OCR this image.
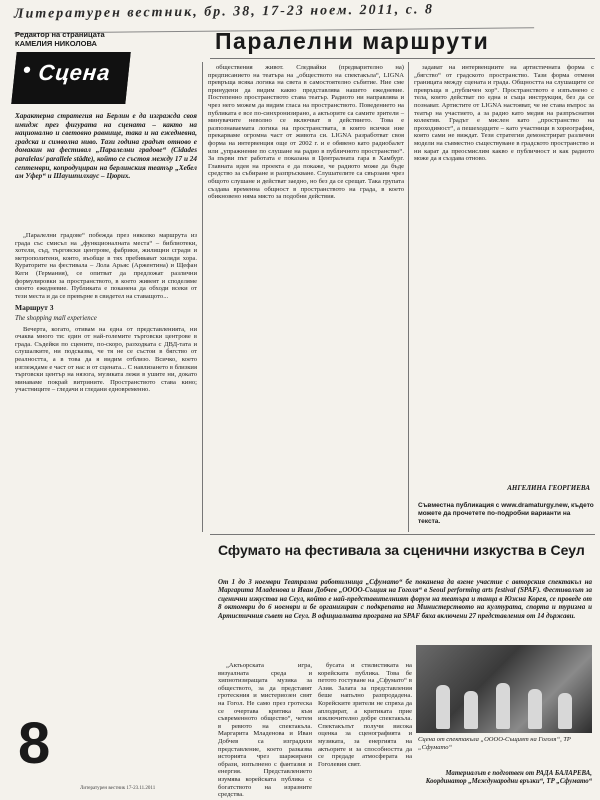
Литературен вестник, бр. 38, 17-23 ноем. 2011, с. 8
Редактор на страницата
КАМЕЛИЯ НИКОЛОВА
• Сцена
Паралелни маршрути
Характерна стратегия на Берлин е да изгражда своя имидж през фигурата на сцената – както на национално и световно равнище, така и на ежедневна, градска и символна ниво. Тази година градът отново е домакин на фестивал „Паралелни градове“ (Cidades paralelas/ parallele städte), който се състоя между 17 и 24 септември, копродуциран на берлинския театър „Хебел ам Уфер“ и Шаушпилхаус – Цюрих.

„Паралелни градове“ побежда през няколко маршрута из града със смисъл на „функционалната места“ – библиотеки, хотели, съд, търговски центрове, фабрики, жилищни сгради и метрополитени, които, въобще в тях пребивават хиляди хора. Кураторите на фестивала – Лола Арьяс (Аржентина) и Щефан Кеги (Германия), се опитват да предложат различни формулировки за пространството, в което живеят и споделяме своето ежедневие. Публиката е поканена да обходи всеки от тези места и да се превърне в свидетел на ставащото...

Маршрут 3
The shopping mall experience

Вечерта, когато, отивам на една от представленията, ни очаква много ти: един от най-големите търговски центрове в града. Съдейки по сцените, по-скоро, разходката с ДВД-тата и слушалките, ни подсказва, че тя не се състои в бягство от реалността, а в това да я видим отблизо. Всичко, което изглеждаме е част от нас и от сцената... С навлизането в близкия търговски център на нязога, музиката лежи в ушите ни, докато минаваме покрай витрините. Пространството става кино; участниците – гледачи и гледани едновременно.

обществения живот. Следвайки (предварително на) предписанието на театъра на „обществото на спектакъла“, LIGNA превръща всяка логика на света в самостоятелно събитие. Ние сме принудени да видим какво представлява нашето ежедневие. Постепенно пространството става театър. Радиото ни направлява и чрез него можем да видим гласа на пространството. Поведението на публиката е все по-синхронизирано, а актьорите са самите зрители – минувачите неволно се включват в действието. Това е разпознаваемата логика на пространствата, в които всички ние прекарваме огромна част от живота си. LIGNA разработват своя форма на интервенция още от 2002 г. и е обявено като радиобалет или „упражнение по слушане на радио в публичното пространство“. За първи път работата е показана в Централната гара в Хамбург. Главната идея на проекта е да покаже, че радиото може да бъде средство за събиране и разпръскване. Слушателите са свързани чрез общото слушане и действат заедно, но без да се срещат. Така групата създава временна общност в пространството на града, в което обикновено няма място за подобни действия.

задават на интервенциите на артистичната форма с „бягство“ от градското пространство. Тази форма отменя границата между сцената и града. Общността на слушащите се превръща в „публичен хор“. Пространството е изпълнено с тела, които действат по една и съща инструкция, без да се познават. Артистите от LIGNA настояват, че не става въпрос за театър на участието, а за радио като медия на разпръснатия колектив. Градът е мислен като „пространство на проходимост“, а пешеходците – като участници в хореография, която сами не виждат. Тези стратегии демонстрират различни модели на съвместно съществуване в градското пространство и ни карат да преосмислим какво е публичност и как радиото може да я създава отново.

АНГЕЛИНА ГЕОРГИЕВА
Съвместна публикация с www.dramaturgy.new, където можете да прочетете по-подробни варианти на текста.
Сфумато на фестивала за сценични изкуства в Сеул
От 1 до 3 ноември Театрална работилница „Сфумато“ бе поканена да вземе участие с авторския спектакъл на Маргарита Младенова и Иван Добчев „ОООО-Същия на Гоголя“ в Seoul performing arts festival (SPAF). Фестивалът за сценични изкуства на Сеул, който е най-представителният форум на театъра и танца в Южна Корея, се проведе от 8 октомври до 6 ноември и бе организиран с подкрепата на Министерството на културата, спорта и туризма и Артистичния съвет на Сеул. В официалната програма на SPAF бяха включени 27 представления от 14 държави.

„Актьорската игра, визуалната среда и хипнотизиращата музика за обществото, за да представят гротескния и мистериозен свят на Гогол. Не само през гротеска се очертава критика към съвременното общество“, четем в ревюто на спектакъла. Маргарита Младенова и Иван Добчев са изградили представление, което разказва историята чрез шаржирани образи, изпълнено с фантазия и енергия. Представлението изумява корейската публика с богатството на изразните средства.

бусата и стилистиката на корейската публика. Това бе петото гостуване на „Сфумато“ в Азия. Залата за представления беше напълно разпродадена. Корейските зрители не спряха да аплодират, а критиката прие изключително добре спектакъла. Спектакълът получи висока оценка за сценографията и музиката, за енергията на актьорите и за способността да се предаде атмосферата на Гоголевия свят.

Сцена от спектакъла „ОООО-Същият на Гоголя“, ТР „Сфумато“
Материалът е подготвен от РАДА БАЛАРЕВА, Координатор „Международни връзки“, ТР „Сфумато“
8
Литературен вестник 17-23.11.2011
